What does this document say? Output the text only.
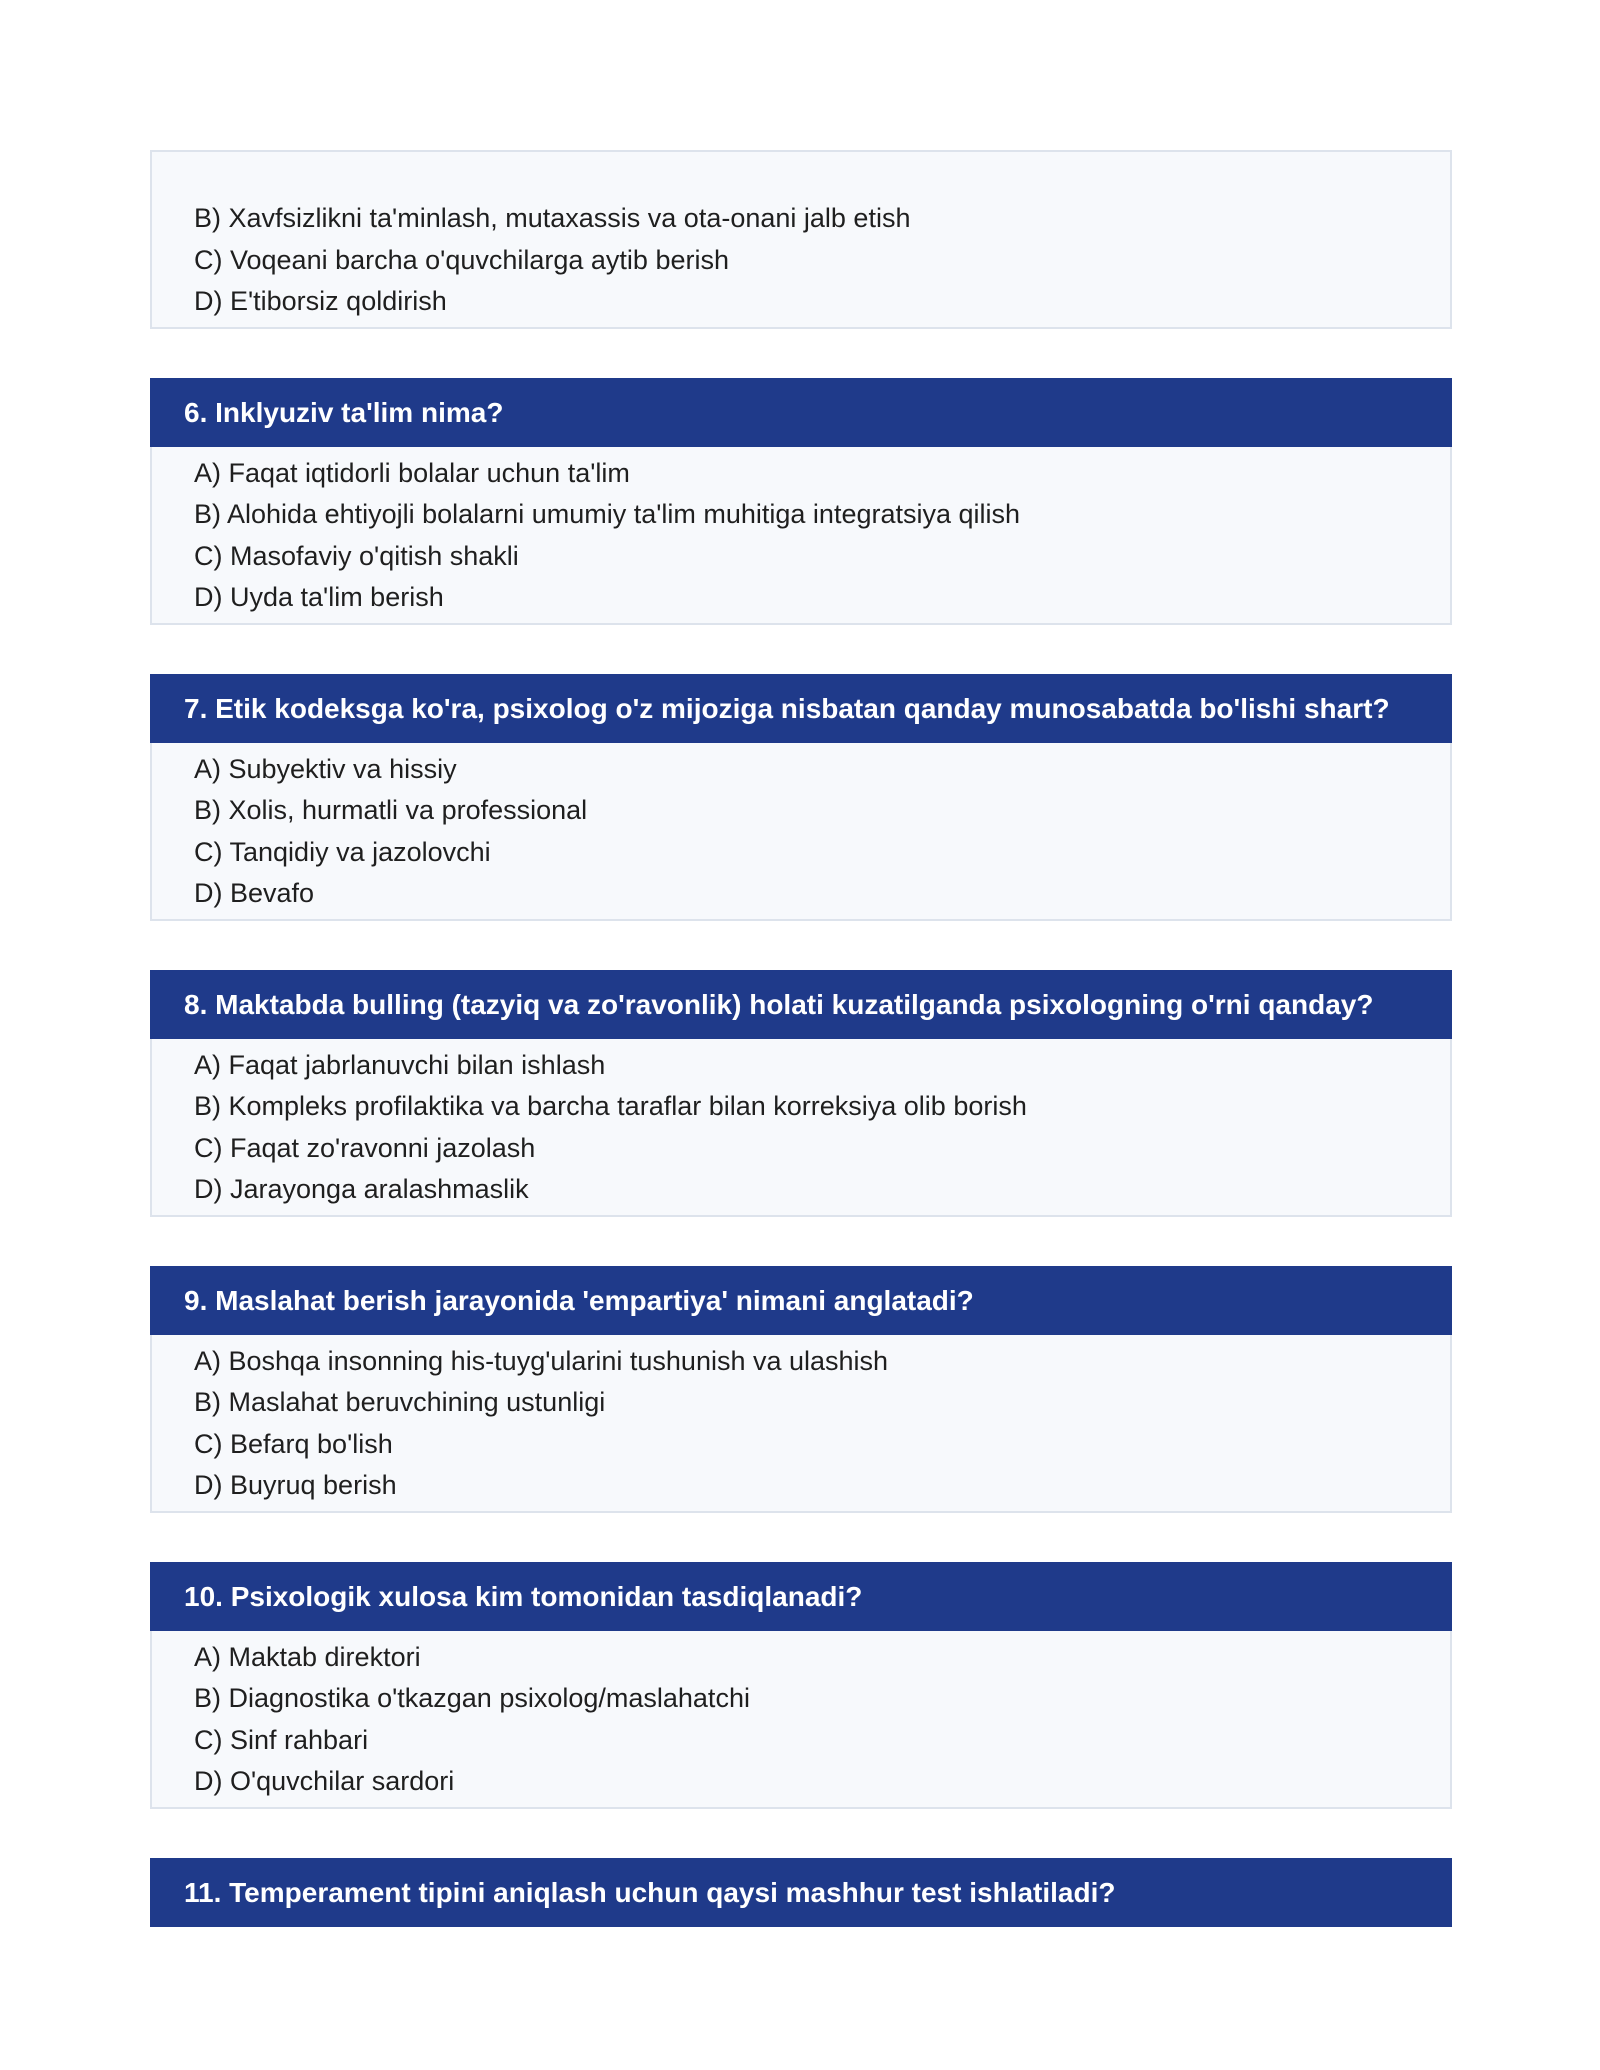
B) Xavfsizlikni ta'minlash, mutaxassis va ota-onani jalb etish
C) Voqeani barcha o'quvchilarga aytib berish
D) E'tiborsiz qoldirish
6. Inklyuziv ta'lim nima?
A) Faqat iqtidorli bolalar uchun ta'lim
B) Alohida ehtiyojli bolalarni umumiy ta'lim muhitiga integratsiya qilish
C) Masofaviy o'qitish shakli
D) Uyda ta'lim berish
7. Etik kodeksga ko'ra, psixolog o'z mijoziga nisbatan qanday munosabatda bo'lishi shart?
A) Subyektiv va hissiy
B) Xolis, hurmatli va professional
C) Tanqidiy va jazolovchi
D) Bevafo
8. Maktabda bulling (tazyiq va zo'ravonlik) holati kuzatilganda psixologning o'rni qanday?
A) Faqat jabrlanuvchi bilan ishlash
B) Kompleks profilaktika va barcha taraflar bilan korreksiya olib borish
C) Faqat zo'ravonni jazolash
D) Jarayonga aralashmaslik
9. Maslahat berish jarayonida 'empartiya' nimani anglatadi?
A) Boshqa insonning his-tuyg'ularini tushunish va ulashish
B) Maslahat beruvchining ustunligi
C) Befarq bo'lish
D) Buyruq berish
10. Psixologik xulosa kim tomonidan tasdiqlanadi?
A) Maktab direktori
B) Diagnostika o'tkazgan psixolog/maslahatchi
C) Sinf rahbari
D) O'quvchilar sardori
11. Temperament tipini aniqlash uchun qaysi mashhur test ishlatiladi?
